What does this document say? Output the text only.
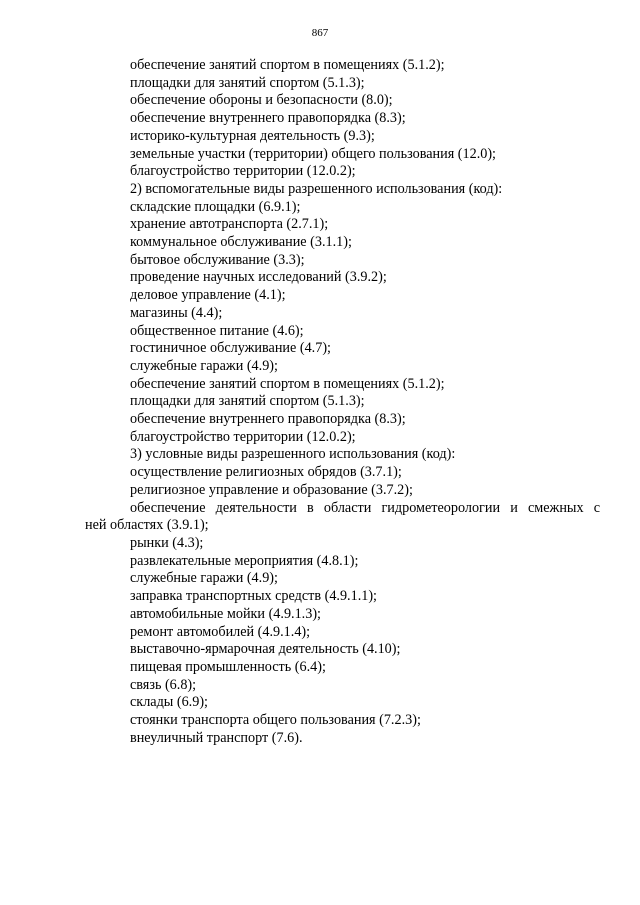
867
обеспечение занятий спортом в помещениях (5.1.2);
площадки для занятий спортом (5.1.3);
обеспечение обороны и безопасности (8.0);
обеспечение внутреннего правопорядка (8.3);
историко-культурная деятельность (9.3);
земельные участки (территории) общего пользования (12.0);
благоустройство территории (12.0.2);
2) вспомогательные виды разрешенного использования (код):
складские площадки (6.9.1);
хранение автотранспорта (2.7.1);
коммунальное обслуживание (3.1.1);
бытовое обслуживание (3.3);
проведение научных исследований (3.9.2);
деловое управление (4.1);
магазины (4.4);
общественное питание (4.6);
гостиничное обслуживание (4.7);
служебные гаражи (4.9);
обеспечение занятий спортом в помещениях (5.1.2);
площадки для занятий спортом (5.1.3);
обеспечение внутреннего правопорядка (8.3);
благоустройство территории (12.0.2);
3) условные виды разрешенного использования (код):
осуществление религиозных обрядов (3.7.1);
религиозное управление и образование (3.7.2);
обеспечение деятельности в области гидрометеорологии и смежных с
ней областях (3.9.1);
рынки (4.3);
развлекательные мероприятия (4.8.1);
служебные гаражи (4.9);
заправка транспортных средств (4.9.1.1);
автомобильные мойки (4.9.1.3);
ремонт автомобилей (4.9.1.4);
выставочно-ярмарочная деятельность (4.10);
пищевая промышленность (6.4);
связь (6.8);
склады (6.9);
стоянки транспорта общего пользования (7.2.3);
внеуличный транспорт (7.6).
